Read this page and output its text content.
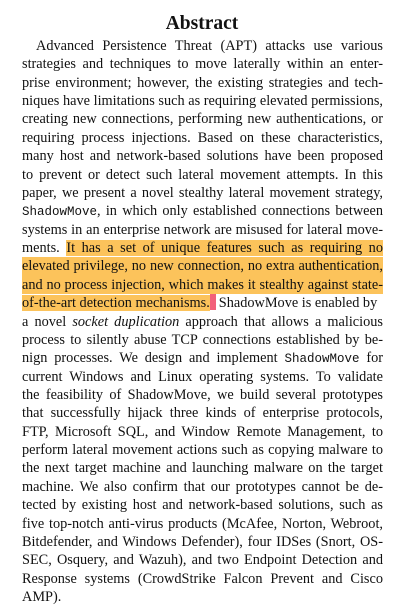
Abstract
Advanced Persistence Threat (APT) attacks use various
strategies and techniques to move laterally within an enter-
prise environment; however, the existing strategies and tech-
niques have limitations such as requiring elevated permissions,
creating new connections, performing new authentications, or
requiring process injections. Based on these characteristics,
many host and network-based solutions have been proposed
to prevent or detect such lateral movement attempts. In this
paper, we present a novel stealthy lateral movement strategy,
ShadowMove, in which only established connections between
systems in an enterprise network are misused for lateral move-
ments. It has a set of unique features such as requiring no
elevated privilege, no new connection, no extra authentication,
and no process injection, which makes it stealthy against state-
of-the-art detection mechanisms. ShadowMove is enabled by
a novel socket duplication approach that allows a malicious
process to silently abuse TCP connections established by be-
nign processes. We design and implement ShadowMove for
current Windows and Linux operating systems. To validate
the feasibility of ShadowMove, we build several prototypes
that successfully hijack three kinds of enterprise protocols,
FTP, Microsoft SQL, and Window Remote Management, to
perform lateral movement actions such as copying malware to
the next target machine and launching malware on the target
machine. We also confirm that our prototypes cannot be de-
tected by existing host and network-based solutions, such as
five top-notch anti-virus products (McAfee, Norton, Webroot,
Bitdefender, and Windows Defender), four IDSes (Snort, OS-
SEC, Osquery, and Wazuh), and two Endpoint Detection and
Response systems (CrowdStrike Falcon Prevent and Cisco
AMP).
